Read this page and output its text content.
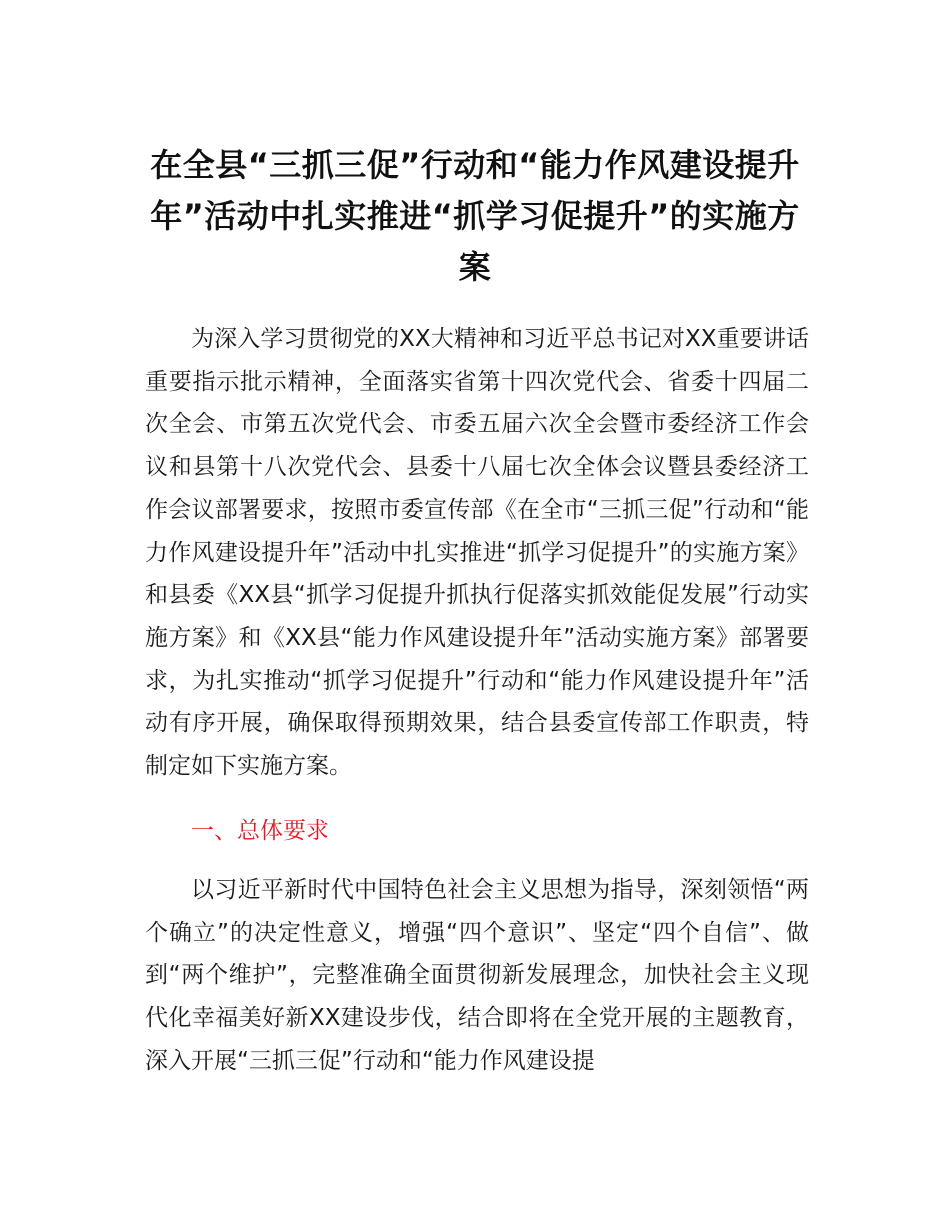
在全县“三抓三促”行动和“能力作风建设提升年”活动中扎实推进“抓学习促提升”的实施方案

为深入学习贯彻党的XX大精神和习近平总书记对XX重要讲话重要指示批示精神，全面落实省第十四次党代会、省委十四届二次全会、市第五次党代会、市委五届六次全会暨市委经济工作会议和县第十八次党代会、县委十八届七次全体会议暨县委经济工作会议部署要求，按照市委宣传部《在全市“三抓三促”行动和“能力作风建设提升年”活动中扎实推进“抓学习促提升”的实施方案》和县委《XX县“抓学习促提升抓执行促落实抓效能促发展”行动实施方案》和《XX县“能力作风建设提升年”活动实施方案》部署要求，为扎实推动“抓学习促提升”行动和“能力作风建设提升年”活动有序开展，确保取得预期效果，结合县委宣传部工作职责，特制定如下实施方案。

一、总体要求

以习近平新时代中国特色社会主义思想为指导，深刻领悟“两个确立”的决定性意义，增强“四个意识”、坚定“四个自信”、做到“两个维护”，完整准确全面贯彻新发展理念，加快社会主义现代化幸福美好新XX建设步伐，结合即将在全党开展的主题教育，深入开展“三抓三促”行动和“能力作风建设提
